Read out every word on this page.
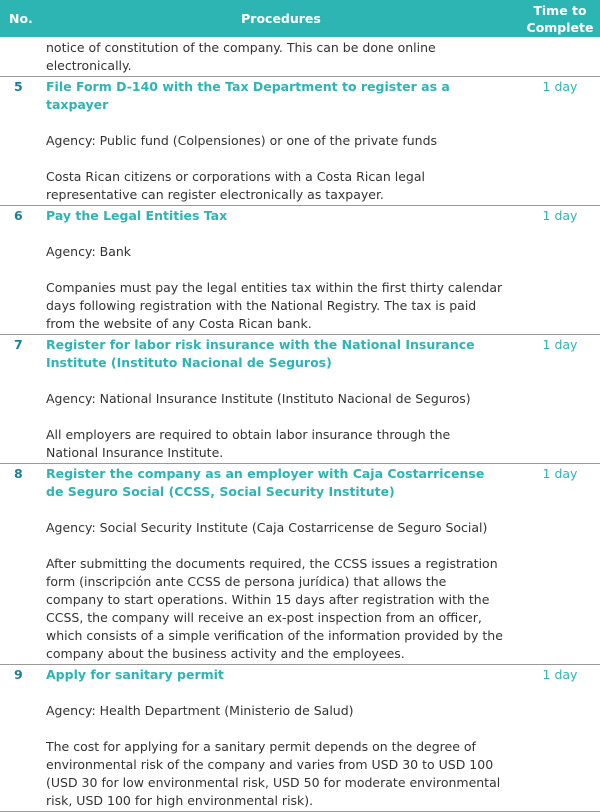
No.	Procedures	Time to Complete

	notice of constitution of the company. This can be done online electronically.	

5	File Form D-140 with the Tax Department to register as a taxpayer
Agency: Public fund (Colpensiones) or one of the private funds
Costa Rican citizens or corporations with a Costa Rican legal representative can register electronically as taxpayer.	1 day
6	Pay the Legal Entities Tax
Agency: Bank
Companies must pay the legal entities tax within the first thirty calendar days following registration with the National Registry. The tax is paid from the website of any Costa Rican bank.	1 day
7	Register for labor risk insurance with the National Insurance Institute (Instituto Nacional de Seguros)
Agency: National Insurance Institute (Instituto Nacional de Seguros)
All employers are required to obtain labor insurance through the National Insurance Institute.	1 day
8	Register the company as an employer with Caja Costarricense de Seguro Social (CCSS, Social Security Institute)
Agency: Social Security Institute (Caja Costarricense de Seguro Social)
After submitting the documents required, the CCSS issues a registration form (inscripción ante CCSS de persona jurídica) that allows the company to start operations. Within 15 days after registration with the CCSS, the company will receive an ex-post inspection from an officer, which consists of a simple verification of the information provided by the company about the business activity and the employees.	1 day
9	Apply for sanitary permit
Agency: Health Department (Ministerio de Salud)
The cost for applying for a sanitary permit depends on the degree of environmental risk of the company and varies from USD 30 to USD 100 (USD 30 for low environmental risk, USD 50 for moderate environmental risk, USD 100 for high environmental risk).	1 day
